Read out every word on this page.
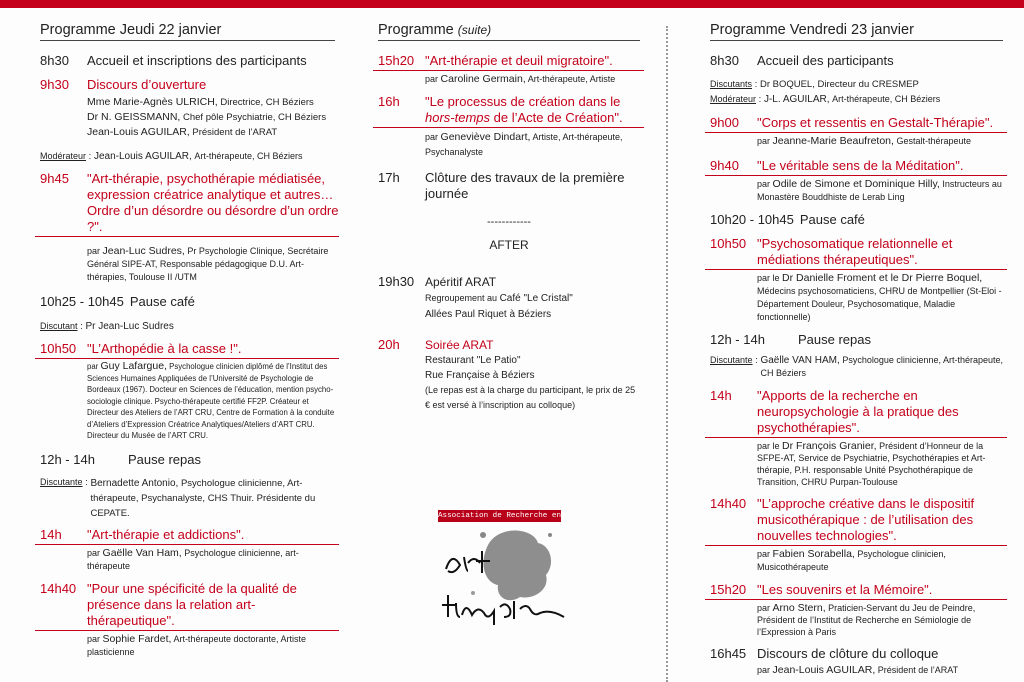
Programme Jeudi 22 janvier
8h30	Accueil et inscriptions des participants
9h30	Discours d’ouverture
Mme Marie-Agnès ULRICH, Directrice, CH Béziers
Dr N. GEISSMANN, Chef pôle Psychiatrie, CH Béziers
Jean-Louis AGUILAR, Président de l’ARAT
Modérateur : Jean-Louis AGUILAR, Art-thérapeute, CH Béziers
9h45	"Art-thérapie, psychothérapie médiatisée, expression créatrice analytique et autres… Ordre d’un désordre ou désordre d’un ordre ?".
par Jean-Luc Sudres, Pr Psychologie Clinique, Secrétaire Général SIPE-AT, Responsable pédagogique D.U. Art-thérapies, Toulouse II /UTM
10h25 - 10h45 Pause café
Discutant : Pr Jean-Luc Sudres
10h50 "L’Arthopédie à la casse !".
par Guy Lafargue, Psychologue clinicien diplômé de l’Institut des Sciences Humaines Appliquées de l’Université de Psychologie de Bordeaux (1967). Docteur en Sciences de l’éducation, mention psycho-sociologie clinique. Psycho-thérapeute certifié FF2P. Créateur et Directeur des Ateliers de l’ART CRU, Centre de Formation à la conduite d’Ateliers d’Expression Créatrice Analytiques/Ateliers d’ART CRU. Directeur du Musée de l’ART CRU.
12h - 14h	Pause repas
Discutante : Bernadette Antonio, Psychologue clinicienne, Art-thérapeute, Psychanalyste, CHS Thuir. Présidente du CEPATE.
14h	"Art-thérapie et addictions".
par Gaëlle Van Ham, Psychologue clinicienne, art-thérapeute
14h40 "Pour une spécificité de la qualité de présence dans la relation art-thérapeutique".
par Sophie Fardet, Art-thérapeute doctorante, Artiste plasticienne
Programme (suite)
15h20 "Art-thérapie et deuil migratoire".
par Caroline Germain, Art-thérapeute, Artiste
16h	"Le processus de création dans le hors-temps de l’Acte de Création".
par Geneviève Dindart, Artiste, Art-thérapeute, Psychanalyste
17h	Clôture des travaux de la première journée
------------
AFTER
19h30 Apéritif ARAT
Regroupement au Café "Le Cristal"
Allées Paul Riquet à Béziers
20h	Soirée ARAT
Restaurant "Le Patio"
Rue Française à Béziers
(Le repas est à la charge du participant, le prix de 25 € est versé à l’inscription au colloque)
Association de Recherche en
Programme Vendredi 23 janvier
8h30	Accueil des participants
Discutants : Dr BOQUEL, Directeur du CRESMEP
Modérateur : J-L. AGUILAR, Art-thérapeute, CH Béziers
9h00	"Corps et ressentis en Gestalt-Thérapie".
par Jeanne-Marie Beaufreton, Gestalt-thérapeute
9h40	"Le véritable sens de la Méditation".
par Odile de Simone et Dominique Hilly, Instructeurs au Monastère Bouddhiste de Lerab Ling
10h20 - 10h45 Pause café
10h50 "Psychosomatique relationnelle et médiations thérapeutiques".
par le Dr Danielle Froment et le Dr Pierre Boquel, Médecins psychosomaticiens, CHRU de Montpellier (St-Eloi - Département Douleur, Psychosomatique, Maladie fonctionnelle)
12h - 14h	Pause repas
Discutante : Gaëlle VAN HAM, Psychologue clinicienne, Art-thérapeute, CH Béziers
14h	"Apports de la recherche en neuropsychologie à la pratique des psychothérapies".
par le Dr François Granier, Président d’Honneur de la SFPE-AT, Service de Psychiatrie, Psychothérapies et Art-thérapie, P.H. responsable Unité Psychothérapique de Transition, CHRU Purpan-Toulouse
14h40 "L’approche créative dans le dispositif musicothérapique : de l’utilisation des nouvelles technologies".
par Fabien Sorabella, Psychologue clinicien, Musicothérapeute
15h20 "Les souvenirs et la Mémoire".
par Arno Stern, Praticien-Servant du Jeu de Peindre, Président de l’Institut de Recherche en Sémiologie de l’Expression à Paris
16h45 Discours de clôture du colloque
par Jean-Louis AGUILAR, Président de l’ARAT
